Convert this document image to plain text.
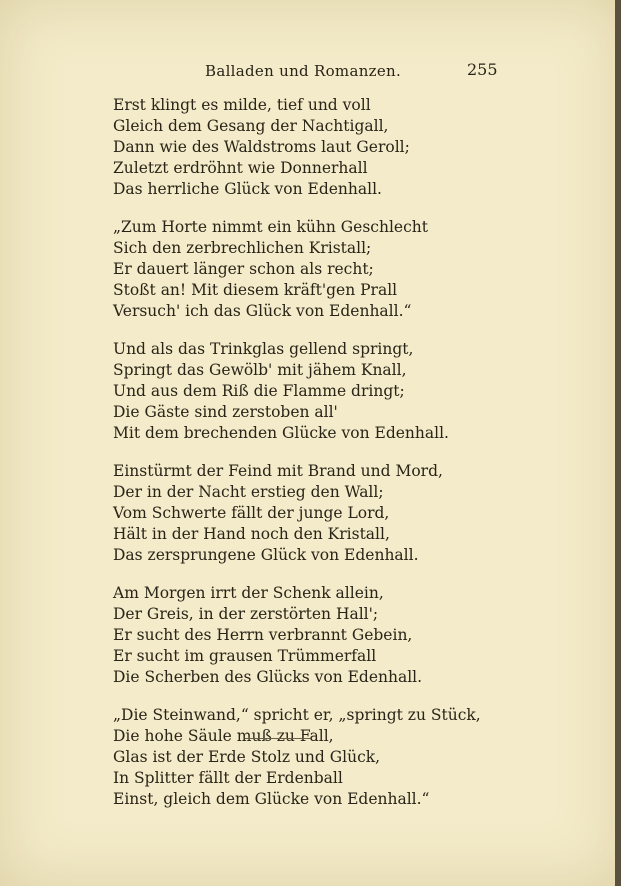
Balladen und Romanzen.	255
Erst klingt es milde, tief und voll
Gleich dem Gesang der Nachtigall,
Dann wie des Waldstroms laut Geroll;
Zuletzt erdröhnt wie Donnerhall
Das herrliche Glück von Edenhall.
„Zum Horte nimmt ein kühn Geschlecht
Sich den zerbrechlichen Kristall;
Er dauert länger schon als recht;
Stoßt an! Mit diesem kräft'gen Prall
Versuch' ich das Glück von Edenhall.“
Und als das Trinkglas gellend springt,
Springt das Gewölb' mit jähem Knall,
Und aus dem Riß die Flamme dringt;
Die Gäste sind zerstoben all'
Mit dem brechenden Glücke von Edenhall.
Einstürmt der Feind mit Brand und Mord,
Der in der Nacht erstieg den Wall;
Vom Schwerte fällt der junge Lord,
Hält in der Hand noch den Kristall,
Das zersprungene Glück von Edenhall.
Am Morgen irrt der Schenk allein,
Der Greis, in der zerstörten Hall';
Er sucht des Herrn verbrannt Gebein,
Er sucht im grausen Trümmerfall
Die Scherben des Glücks von Edenhall.
„Die Steinwand,“ spricht er, „springt zu Stück,
Die hohe Säule muß zu Fall,
Glas ist der Erde Stolz und Glück,
In Splitter fällt der Erdenball
Einst, gleich dem Glücke von Edenhall.“
